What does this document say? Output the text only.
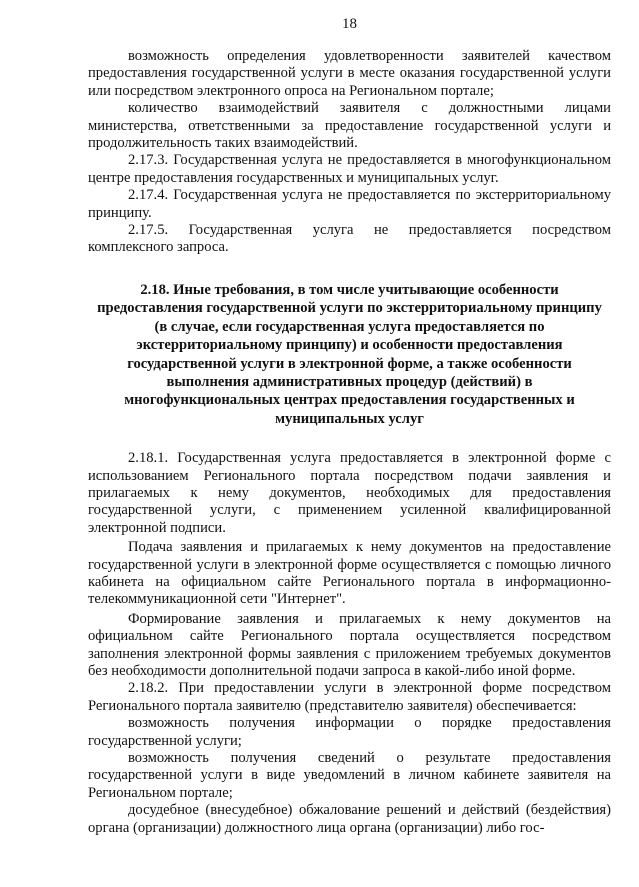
18

возможность определения удовлетворенности заявителей качеством предоставления государственной услуги в месте оказания государственной услуги или посредством электронного опроса на Региональном портале;

количество взаимодействий заявителя с должностными лицами министерства, ответственными за предоставление государственной услуги и продолжительность таких взаимодействий.

2.17.3. Государственная услуга не предоставляется в многофункциональном центре предоставления государственных и муниципальных услуг.

2.17.4. Государственная услуга не предоставляется по экстерриториальному принципу.

2.17.5. Государственная услуга не предоставляется посредством комплексного запроса.

2.18. Иные требования, в том числе учитывающие особенности предоставления государственной услуги по экстерриториальному принципу (в случае, если государственная услуга предоставляется по экстерриториальному принципу) и особенности предоставления государственной услуги в электронной форме, а также особенности выполнения административных процедур (действий) в многофункциональных центрах предоставления государственных и муниципальных услуг

2.18.1. Государственная услуга предоставляется в электронной форме с использованием Регионального портала посредством подачи заявления и прилагаемых к нему документов, необходимых для предоставления государственной услуги, с применением усиленной квалифицированной электронной подписи.

Подача заявления и прилагаемых к нему документов на предоставление государственной услуги в электронной форме осуществляется с помощью личного кабинета на официальном сайте Регионального портала в информационно-телекоммуникационной сети "Интернет".

Формирование заявления и прилагаемых к нему документов на официальном сайте Регионального портала осуществляется посредством заполнения электронной формы заявления с приложением требуемых документов без необходимости дополнительной подачи запроса в какой-либо иной форме.

2.18.2. При предоставлении услуги в электронной форме посредством Регионального портала заявителю (представителю заявителя) обеспечивается:

возможность получения информации о порядке предоставления государственной услуги;

возможность получения сведений о результате предоставления государственной услуги в виде уведомлений в личном кабинете заявителя на Региональном портале;

досудебное (внесудебное) обжалование решений и действий (бездействия) органа (организации) должностного лица органа (организации) либо гос-
